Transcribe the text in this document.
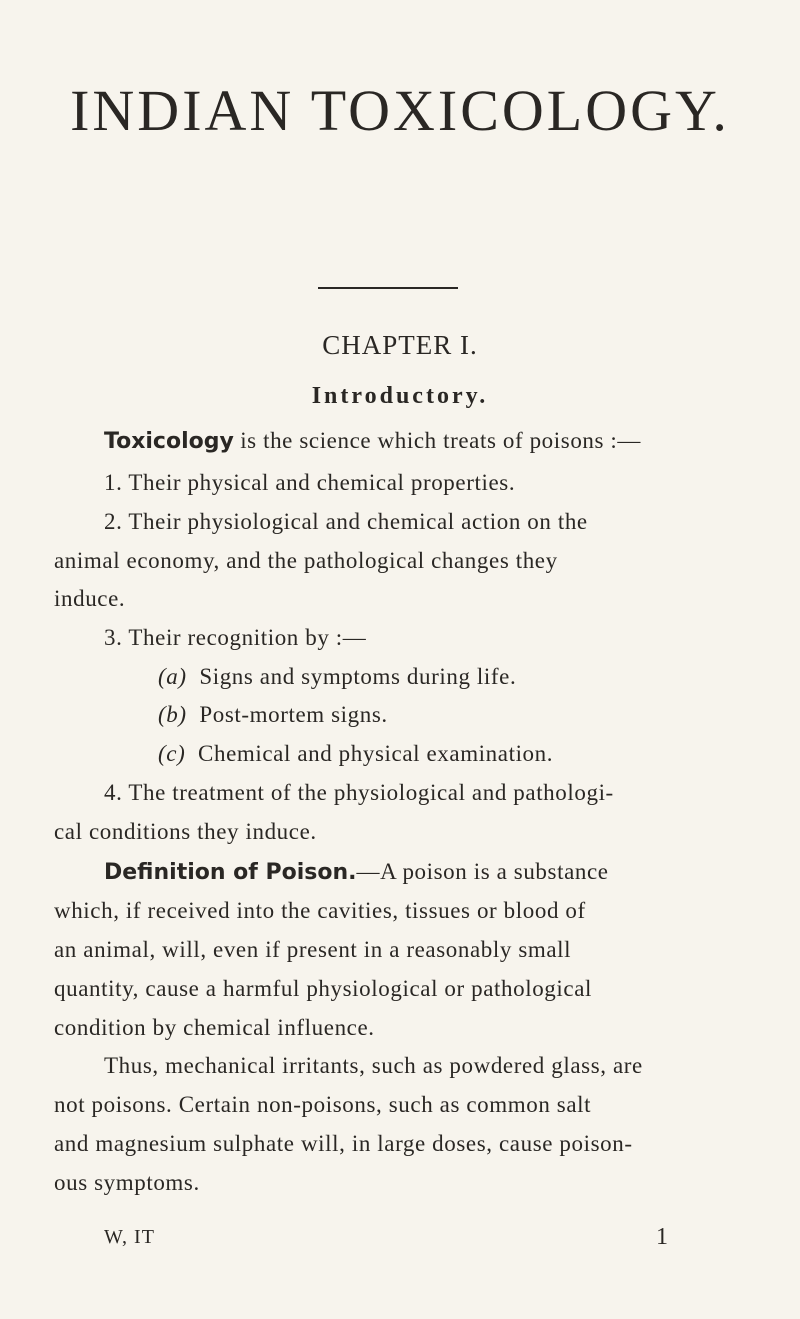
INDIAN TOXICOLOGY.
CHAPTER I.
Introductory.
Toxicology is the science which treats of poisons :—
1. Their physical and chemical properties.
2. Their physiological and chemical action on the
animal economy, and the pathological changes they
induce.
3. Their recognition by :—
(a) Signs and symptoms during life.
(b) Post-mortem signs.
(c) Chemical and physical examination.
4. The treatment of the physiological and pathologi-
cal conditions they induce.
Definition of Poison.—A poison is a substance
which, if received into the cavities, tissues or blood of
an animal, will, even if present in a reasonably small
quantity, cause a harmful physiological or pathological
condition by chemical influence.
Thus, mechanical irritants, such as powdered glass, are
not poisons. Certain non-poisons, such as common salt
and magnesium sulphate will, in large doses, cause poison-
ous symptoms.
W, IT	1
